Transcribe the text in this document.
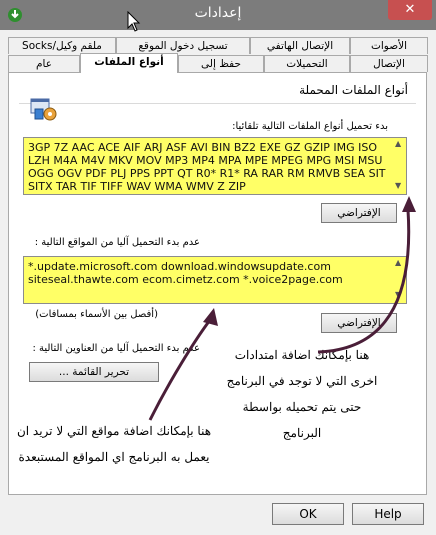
إعدادات	✕
Socks/ملقم وكيل	تسجيل دخول الموقع	الإتصال الهاتفي	الأصوات
عام	أنواع الملفات	حفظ إلى	التحميلات	الإتصال
أنواع الملفات المحملة
بدء تحميل أنواع الملفات التالية تلقائيا:
3GP 7Z AAC ACE AIF ARJ ASF AVI BIN BZ2 EXE GZ GZIP IMG ISO LZH M4A M4V MKV MOV MP3 MP4 MPA MPE MPEG MPG MSI MSU OGG OGV PDF PLJ PPS PPT QT R0* R1* RA RAR RM RMVB SEA SIT SITX TAR TIF TIFF WAV WMA WMV Z ZIP
▲
▼
الإفتراضي
عدم بدء التحميل آليا من المواقع التالية :
*.update.microsoft.com download.windowsupdate.com siteseal.thawte.com ecom.cimetz.com *.voice2page.com
▲
▼
(أفصل بين الأسماء بمسافات)
الإفتراضي
عدم بدء التحميل آليا من العناوين التالية :
تحرير القائمة ...
هنا بإمكانك اضافة امتدادات اخرى التي لا توجد في البرنامج حتى يتم تحميله بواسطة البرنامج
هنا بإمكانك اضافة مواقع التي لا تريد ان يعمل به البرنامج اي المواقع المستبعدة
OK	Help
